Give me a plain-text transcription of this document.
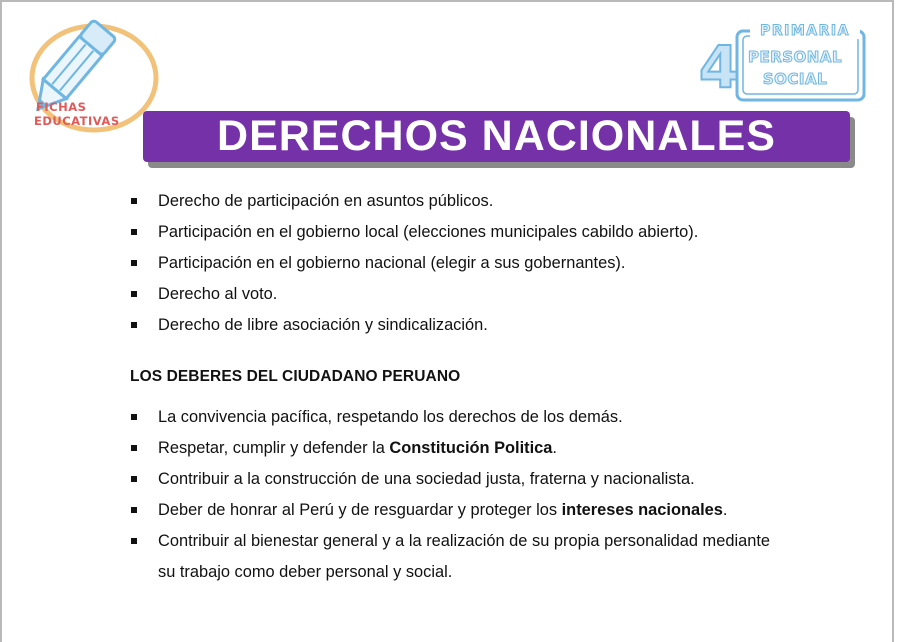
FICHAS
EDUCATIVAS
4
PRIMARIA
PERSONAL
SOCIAL
DERECHOS NACIONALES
Derecho de participación en asuntos públicos.
Participación en el gobierno local (elecciones municipales cabildo abierto).
Participación en el gobierno nacional (elegir a sus gobernantes).
Derecho al voto.
Derecho de libre asociación y sindicalización.
LOS DEBERES DEL CIUDADANO PERUANO
La convivencia pacífica, respetando los derechos de los demás.
Respetar, cumplir y defender la Constitución Politica.
Contribuir a la construcción de una sociedad justa, fraterna y nacionalista.
Deber de honrar al Perú y de resguardar y proteger los intereses nacionales.
Contribuir al bienestar general y a la realización de su propia personalidad mediante su trabajo como deber personal y social.
